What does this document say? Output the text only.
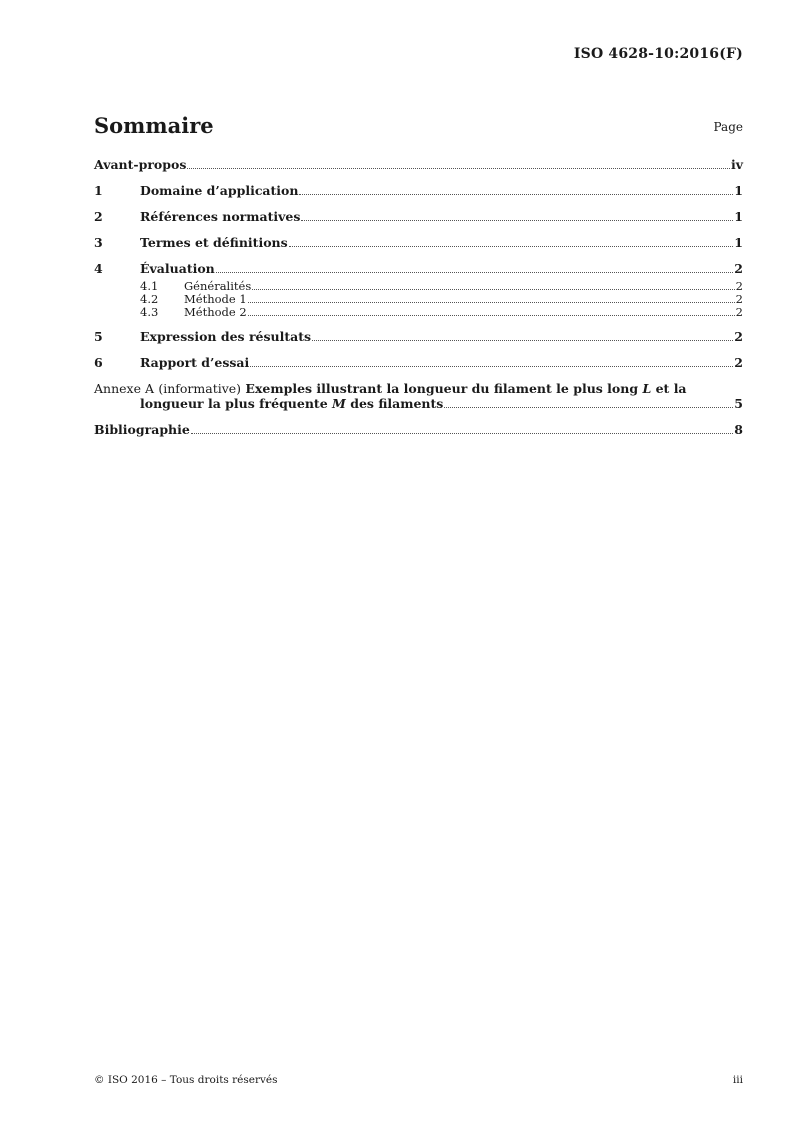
ISO 4628-10:2016(F)
Sommaire	Page
Avant-propos	iv
1	Domaine d’application	1
2	Références normatives	1
3	Termes et définitions	1
4	Évaluation	2
4.1	Généralités	2
4.2	Méthode 1	2
4.3	Méthode 2	2
5	Expression des résultats	2
6	Rapport d’essai	2
Annexe A (informative) Exemples illustrant la longueur du filament le plus long L et la
longueur la plus fréquente M des filaments	5
Bibliographie	8
© ISO 2016 – Tous droits réservés	iii
